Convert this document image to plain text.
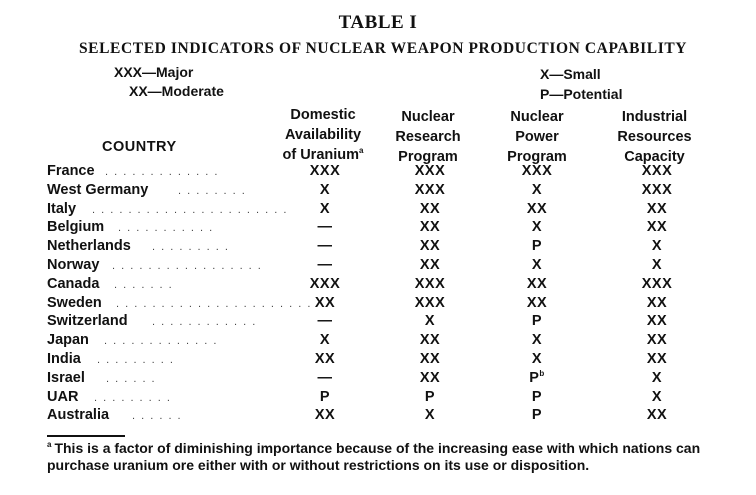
TABLE I
SELECTED INDICATORS OF NUCLEAR WEAPON PRODUCTION CAPABILITY
XXX—Major
XX—Moderate
X—Small
P—Potential
COUNTRY
Domestic
Availability
of Uranium$^a$
Nuclear
Research
Program
Nuclear
Power
Program
Industrial
Resources
Capacity
France . . . . . . . . . . . . .	XXX	XXX	XXX	XXX
West Germany	. . . . . . . .	X	XXX	X	XXX
Italy . . . . . . . . . . . . . . . . . . . . . .	X	XX	XX	XX
Belgium . . . . . . . . . . .	—	XX	X	XX
Netherlands . . . . . . . . .	—	XX	P	X
Norway . . . . . . . . . . . . . . . . .	—	XX	X	X
Canada . . . . . . .	XXX	XXX	XX	XXX
Sweden . . . . . . . . . . . . . . . . . . . . . . XX	XXX	XX	XX
Switzerland . . . . . . . . . . . .	—	X	P	XX
Japan . . . . . . . . . . . . .	X	XX	X	XX
India . . . . . . . . .	XX	XX	X	XX
Israel . . . . . .	—	XX	$P^b$	X
UAR . . . . . . . . .	P	P	P	X
Australia . . . . . .	XX	X	P	XX
$^a$ This is a factor of diminishing importance because of the increasing ease with which nations can purchase uranium ore either with or without restrictions on its use or disposition.
